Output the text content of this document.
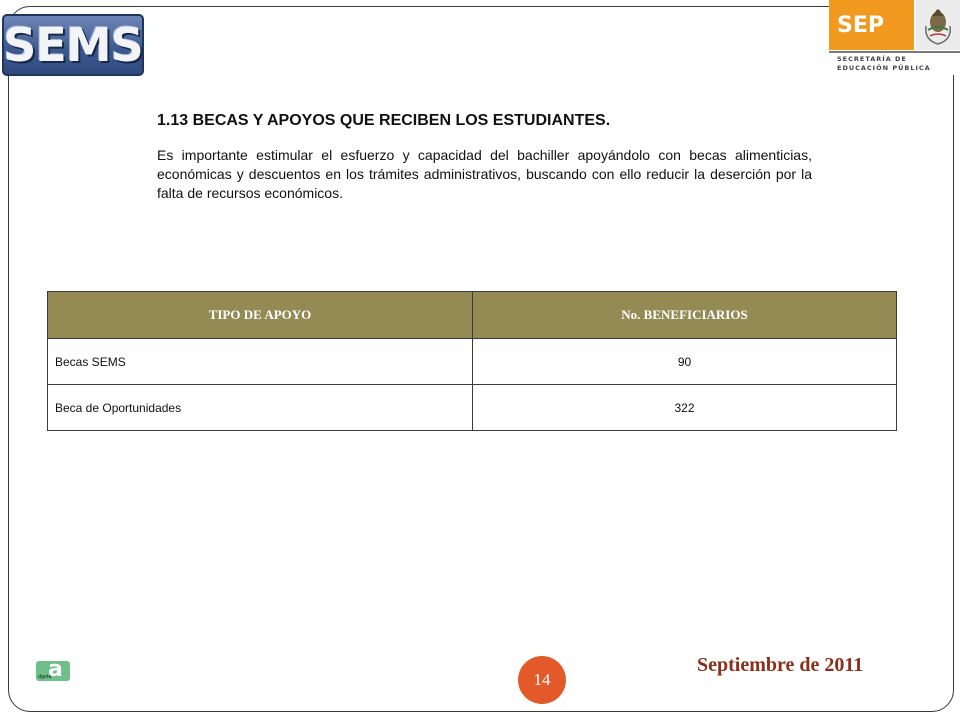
SEMS	SEP
SECRETARÍA DE
EDUCACIÓN PÚBLICA
1.13 BECAS Y APOYOS QUE RECIBEN LOS ESTUDIANTES.

Es importante estimular el esfuerzo y capacidad del bachiller apoyándolo con becas alimenticias, económicas y descuentos en los trámites administrativos, buscando con ello reducir la deserción por la falta de recursos económicos.

TIPO DE APOYO	No. BENEFICIARIOS
Becas SEMS	90
Beca de Oportunidades	322
a
dgeta	14
Septiembre de 2011
